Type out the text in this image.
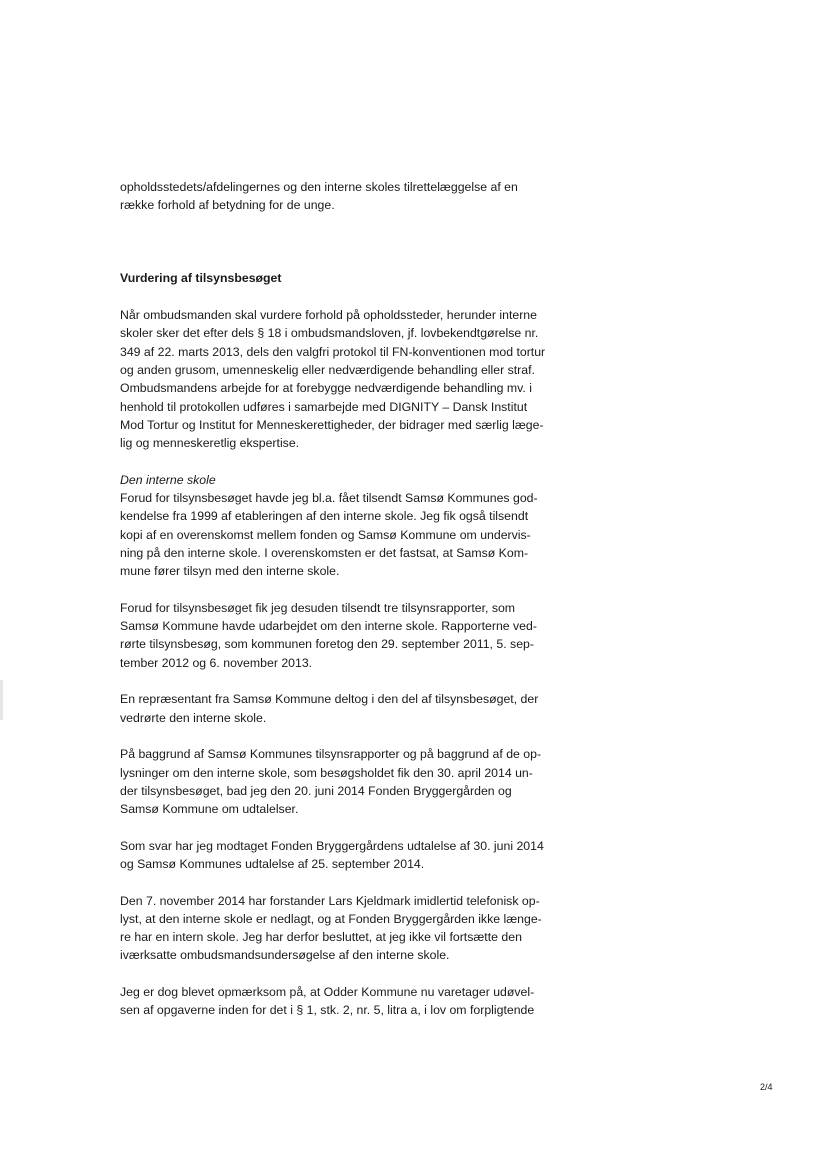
opholdsstedets/afdelingernes og den interne skoles tilrettelæggelse af en
række forhold af betydning for de unge.

Vurdering af tilsynsbesøget

Når ombudsmanden skal vurdere forhold på opholdssteder, herunder interne
skoler sker det efter dels § 18 i ombudsmandsloven, jf. lovbekendtgørelse nr.
349 af 22. marts 2013, dels den valgfri protokol til FN-konventionen mod tortur
og anden grusom, umenneskelig eller nedværdigende behandling eller straf.
Ombudsmandens arbejde for at forebygge nedværdigende behandling mv. i
henhold til protokollen udføres i samarbejde med DIGNITY – Dansk Institut
Mod Tortur og Institut for Menneskerettigheder, der bidrager med særlig læge-
lig og menneskeretlig ekspertise.

Den interne skole

Forud for tilsynsbesøget havde jeg bl.a. fået tilsendt Samsø Kommunes god-
kendelse fra 1999 af etableringen af den interne skole. Jeg fik også tilsendt
kopi af en overenskomst mellem fonden og Samsø Kommune om undervis-
ning på den interne skole. I overenskomsten er det fastsat, at Samsø Kom-
mune fører tilsyn med den interne skole.

Forud for tilsynsbesøget fik jeg desuden tilsendt tre tilsynsrapporter, som
Samsø Kommune havde udarbejdet om den interne skole. Rapporterne ved-
rørte tilsynsbesøg, som kommunen foretog den 29. september 2011, 5. sep-
tember 2012 og 6. november 2013.

En repræsentant fra Samsø Kommune deltog i den del af tilsynsbesøget, der
vedrørte den interne skole.

På baggrund af Samsø Kommunes tilsynsrapporter og på baggrund af de op-
lysninger om den interne skole, som besøgsholdet fik den 30. april 2014 un-
der tilsynsbesøget, bad jeg den 20. juni 2014 Fonden Bryggergården og
Samsø Kommune om udtalelser.

Som svar har jeg modtaget Fonden Bryggergårdens udtalelse af 30. juni 2014
og Samsø Kommunes udtalelse af 25. september 2014.

Den 7. november 2014 har forstander Lars Kjeldmark imidlertid telefonisk op-
lyst, at den interne skole er nedlagt, og at Fonden Bryggergården ikke længe-
re har en intern skole. Jeg har derfor besluttet, at jeg ikke vil fortsætte den
iværksatte ombudsmandsundersøgelse af den interne skole.

Jeg er dog blevet opmærksom på, at Odder Kommune nu varetager udøvel-
sen af opgaverne inden for det i § 1, stk. 2, nr. 5, litra a, i lov om forpligtende

2/4
